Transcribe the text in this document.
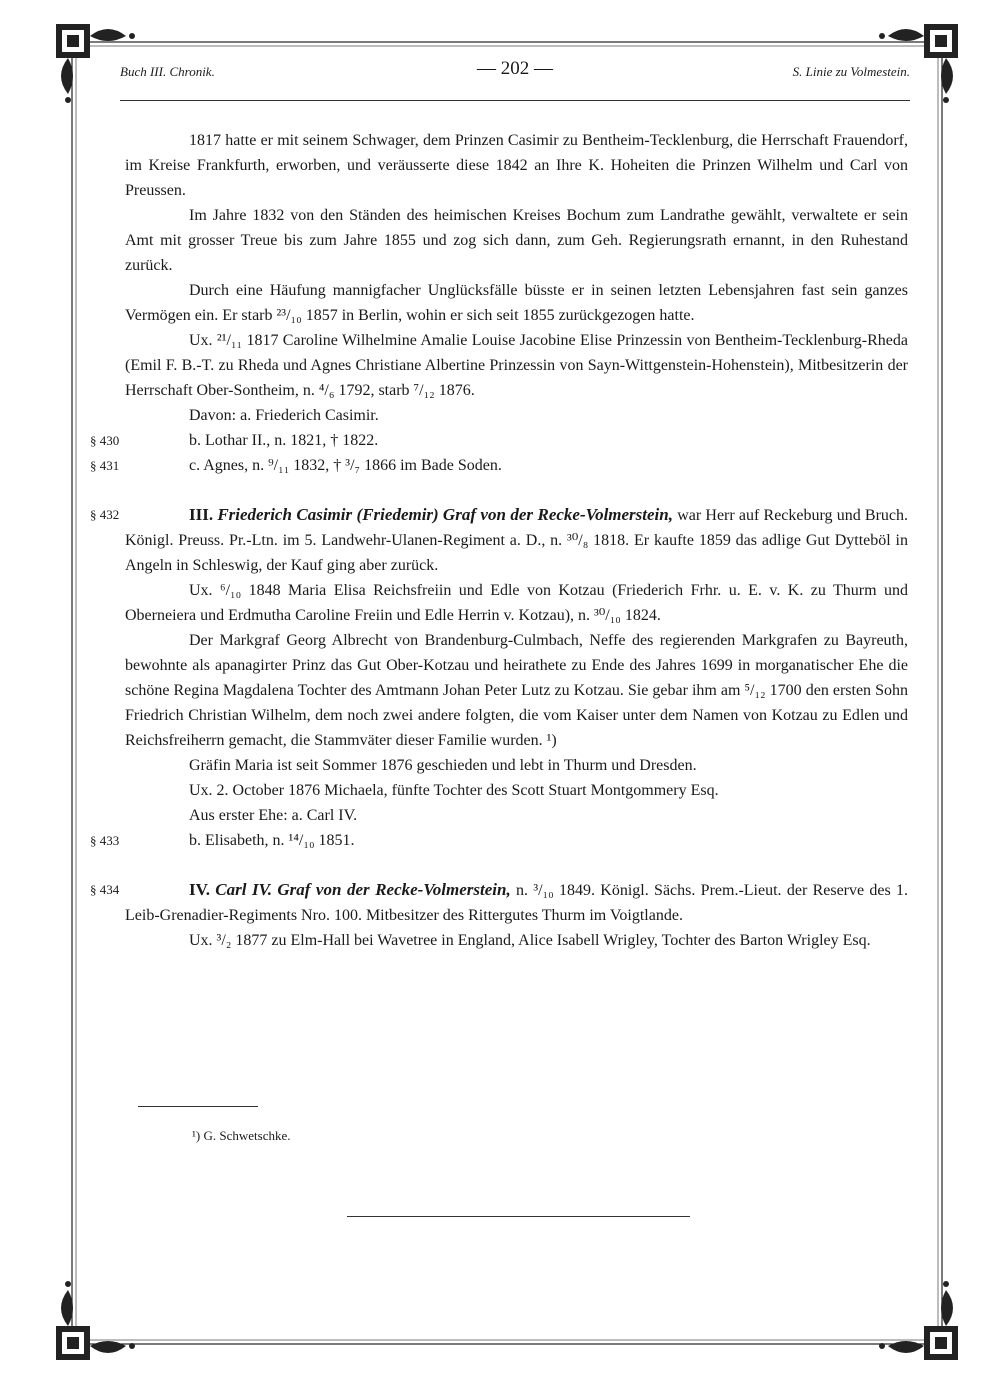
Buch III. Chronik.	— 202 —	S. Linie zu Volmestein.

1817 hatte er mit seinem Schwager, dem Prinzen Casimir zu Bentheim-Tecklenburg, die Herrschaft Frauendorf, im Kreise Frankfurth, erworben, und veräusserte diese 1842 an Ihre K. Hoheiten die Prinzen Wilhelm und Carl von Preussen.

Im Jahre 1832 von den Ständen des heimischen Kreises Bochum zum Landrathe gewählt, verwaltete er sein Amt mit grosser Treue bis zum Jahre 1855 und zog sich dann, zum Geh. Regierungsrath ernannt, in den Ruhestand zurück.

Durch eine Häufung mannigfacher Unglücksfälle büsste er in seinen letzten Lebensjahren fast sein ganzes Vermögen ein. Er starb ²³/₁₀ 1857 in Berlin, wohin er sich seit 1855 zurückgezogen hatte.

Ux. ²¹/₁₁ 1817 Caroline Wilhelmine Amalie Louise Jacobine Elise Prinzessin von Bentheim-Tecklenburg-Rheda (Emil F. B.-T. zu Rheda und Agnes Christiane Albertine Prinzessin von Sayn-Wittgenstein-Hohenstein), Mitbesitzerin der Herrschaft Ober-Sontheim, n. ⁴/₆ 1792, starb ⁷/₁₂ 1876.

Davon: a. Friederich Casimir.

§ 430	b. Lothar II., n. 1821, † 1822.

§ 431	c. Agnes, n. ⁹/₁₁ 1832, † ³/₇ 1866 im Bade Soden.

§ 432	III. Friederich Casimir (Friedemir) Graf von der Recke-Volmerstein, war Herr auf Reckeburg und Bruch. Königl. Preuss. Pr.-Ltn. im 5. Landwehr-Ulanen-Regiment a. D., n. ³⁰/₈ 1818. Er kaufte 1859 das adlige Gut Dytteböl in Angeln in Schleswig, der Kauf ging aber zurück.

Ux. ⁶/₁₀ 1848 Maria Elisa Reichsfreiin und Edle von Kotzau (Friederich Frhr. u. E. v. K. zu Thurm und Oberneiera und Erdmutha Caroline Freiin und Edle Herrin v. Kotzau), n. ³⁰/₁₀ 1824.

Der Markgraf Georg Albrecht von Brandenburg-Culmbach, Neffe des regierenden Markgrafen zu Bayreuth, bewohnte als apanagirter Prinz das Gut Ober-Kotzau und heirathete zu Ende des Jahres 1699 in morganatischer Ehe die schöne Regina Magdalena Tochter des Amtmann Johan Peter Lutz zu Kotzau. Sie gebar ihm am ⁵/₁₂ 1700 den ersten Sohn Friedrich Christian Wilhelm, dem noch zwei andere folgten, die vom Kaiser unter dem Namen von Kotzau zu Edlen und Reichsfreiherrn gemacht, die Stammväter dieser Familie wurden. ¹)

Gräfin Maria ist seit Sommer 1876 geschieden und lebt in Thurm und Dresden.

Ux. 2. October 1876 Michaela, fünfte Tochter des Scott Stuart Montgommery Esq.

Aus erster Ehe: a. Carl IV.

§ 433	b. Elisabeth, n. ¹⁴/₁₀ 1851.

§ 434	IV. Carl IV. Graf von der Recke-Volmerstein, n. ³/₁₀ 1849. Königl. Sächs. Prem.-Lieut. der Reserve des 1. Leib-Grenadier-Regiments Nro. 100. Mitbesitzer des Rittergutes Thurm im Voigtlande.

Ux. ³/₂ 1877 zu Elm-Hall bei Wavetree in England, Alice Isabell Wrigley, Tochter des Barton Wrigley Esq.

¹) G. Schwetschke.
